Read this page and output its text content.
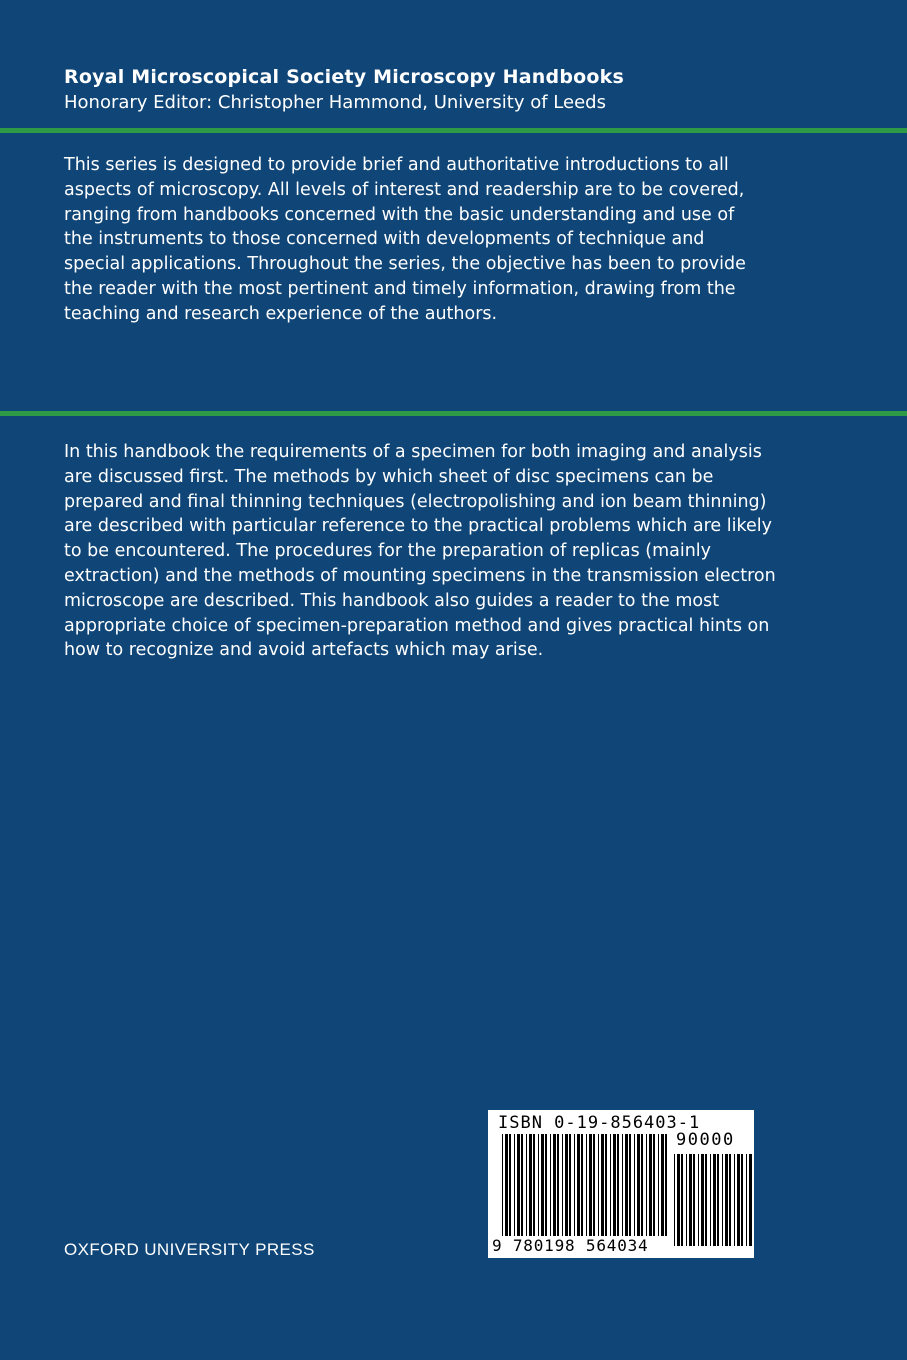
Royal Microscopical Society Microscopy Handbooks
Honorary Editor: Christopher Hammond, University of Leeds

This series is designed to provide brief and authoritative introductions to all aspects of microscopy. All levels of interest and readership are to be covered, ranging from handbooks concerned with the basic understanding and use of the instruments to those concerned with developments of technique and special applications. Throughout the series, the objective has been to provide the reader with the most pertinent and timely information, drawing from the teaching and research experience of the authors.

In this handbook the requirements of a specimen for both imaging and analysis are discussed first. The methods by which sheet of disc specimens can be prepared and final thinning techniques (electropolishing and ion beam thinning) are described with particular reference to the practical problems which are likely to be encountered. The procedures for the preparation of replicas (mainly extraction) and the methods of mounting specimens in the transmission electron microscope are described. This handbook also guides a reader to the most appropriate choice of specimen-preparation method and gives practical hints on how to recognize and avoid artefacts which may arise.

OXFORD UNIVERSITY PRESS
ISBN 0-19-856403-1
90000
9 780198 564034
